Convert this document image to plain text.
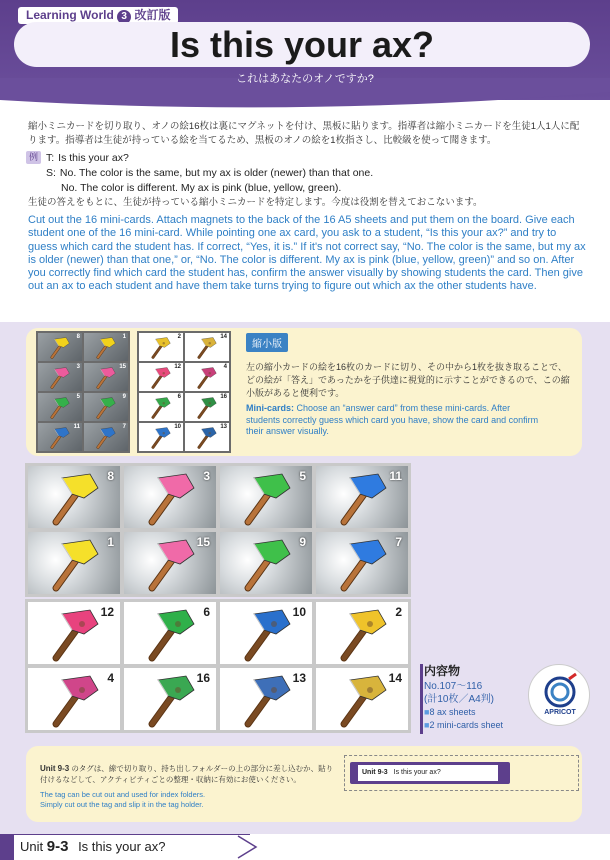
Learning World 3 改訂版
Is this your ax?
これはあなたのオノですか?

縮小ミニカードを切り取り、オノの絵16枚は裏にマグネットを付け、黒板に貼ります。指導者は縮小ミニカードを生徒1人1人に配ります。指導者は生徒が持っている絵を当てるため、黒板のオノの絵を1枚指さし、比較級を使って聞きます。

例 T: Is this your ax?
S: No. The color is the same, but my ax is older (newer) than that one.
No. The color is different. My ax is pink (blue, yellow, green).

生徒の答えをもとに、生徒が持っている縮小ミニカードを特定します。今度は役割を替えておこないます。

Cut out the 16 mini-cards. Attach magnets to the back of the 16 A5 sheets and put them on the board. Give each student one of the 16 mini-card. While pointing one ax card, you ask to a student, “Is this your ax?” and try to guess which card the student has. If correct, “Yes, it is.” If it's not correct say, “No. The color is the same, but my ax is older (newer) than that one,” or, “No. The color is different. My ax is pink (blue, yellow, green)” and so on. After you correctly find which card the student has, confirm the answer visually by showing students the card. Then give out an ax to each student and have them take turns trying to figure out which ax the other students have.

8	1
3	15
5	9
11	7
2	14
12	4
6	16
10	13
縮小版

左の縮小カードの絵を16枚のカードに切り、その中から1枚を抜き取ることで、どの絵が「答え」であったかを子供達に視覚的に示すことができるので、この縮小版があると便利です。

Mini-cards: Choose an “answer card” from these mini-cards. After students correctly guess which card you have, show the card and confirm their answer visually.

8	3	5	11
1	15	9	7
12	6	10	2
4	16	13	14 内容物
No.107～116
(計10枚／A4判)
■8 ax sheets
■2 mini-cards sheet
APRICOT

Unit 9-3 のタグは、線で切り取り、持ち出しフォルダーの上の部分に差し込むか、貼り付けるなどして、アクティビティごとの整理・収納に有効にお使いください。

The tag can be cut out and used for index folders.
Simply cut out the tag and slip it in the tag holder.
Unit 9-3 Is this your ax?
Unit 9-3 Is this your ax?
